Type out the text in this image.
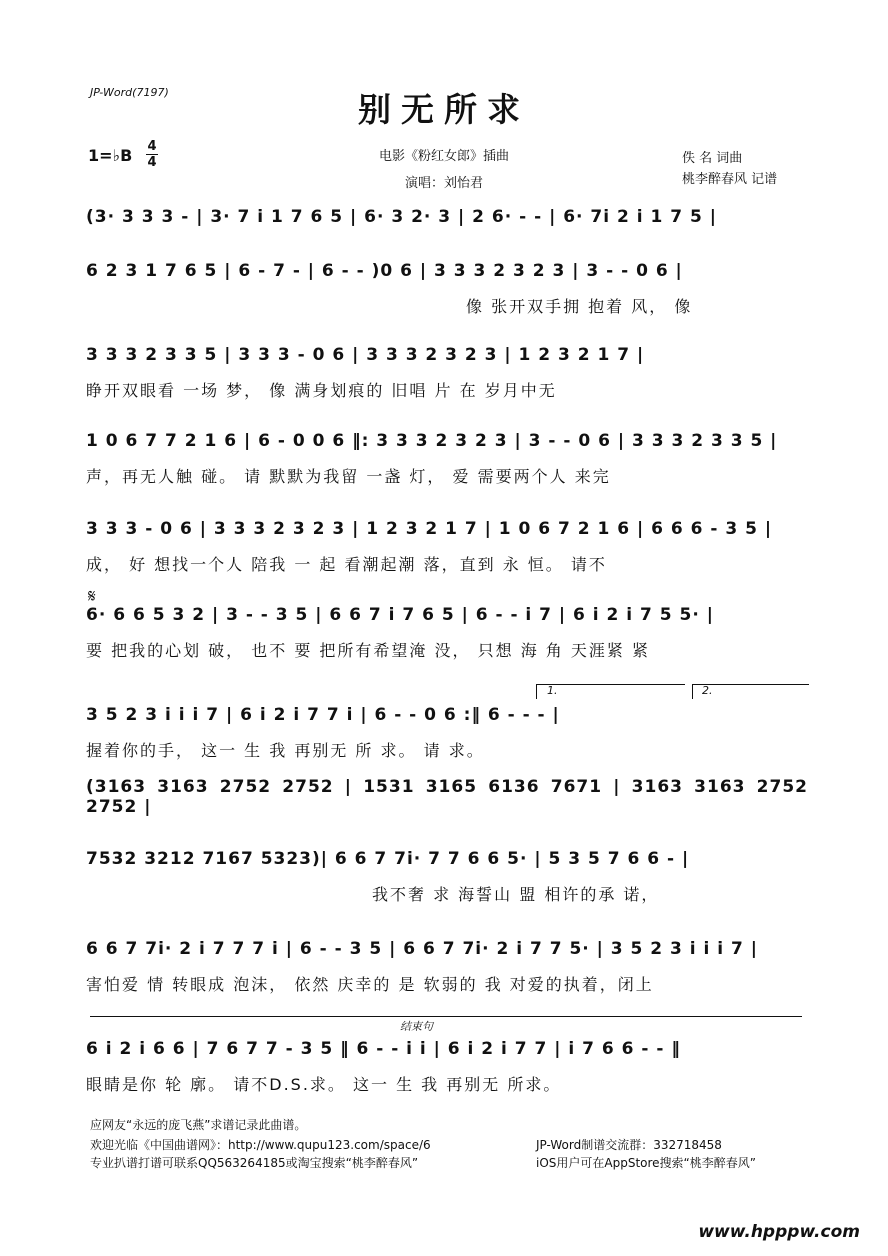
JP-Word(7197)	别无所求
1=♭B 4
4	电影《粉红女郎》插曲
演唱：刘怡君
佚 名 词曲
桃李醉春风 记谱
(3· 3 3 3 - | 3· 7 i 1 7 6 5 | 6· 3 2· 3 | 2 6· - - | 6· 7i 2 i 1 7 5 |
6 2 3 1 7 6 5 | 6 - 7 - | 6 - - )0 6 | 3 3 3 2 3 2 3 | 3 - - 0 6 |
像 张开双手拥 抱着 风， 像
3 3 3 2 3 3 5 | 3 3 3 - 0 6 | 3 3 3 2 3 2 3 | 1 2 3 2 1 7 |
睁开双眼看 一场 梦， 像 满身划痕的 旧唱 片 在 岁月中无
1 0 6 7 7 2 1 6 | 6 - 0 0 6 ‖: 3 3 3 2 3 2 3 | 3 - - 0 6 | 3 3 3 2 3 3 5 |
声，再无人触 碰。 请 默默为我留 一盏 灯， 爱 需要两个人 来完
3 3 3 - 0 6 | 3 3 3 2 3 2 3 | 1 2 3 2 1 7 | 1 0 6 7 2 1 6 | 6 6 6 - 3 5 |
成， 好 想找一个人 陪我 一 起 看潮起潮 落，直到 永 恒。 请不
𝄋
6· 6 6 5 3 2 | 3 - - 3 5 | 6 6 7 i 7 6 5 | 6 - - i 7 | 6 i 2 i 7 5 5· |
要 把我的心划 破， 也不 要 把所有希望淹 没， 只想 海 角 天涯紧 紧
1.	2.
3 5 2 3 i i i 7 | 6 i 2 i 7 7 i | 6 - - 0 6 :‖ 6 - - - |
握着你的手， 这一 生 我 再别无 所 求。 请 求。
(3163 3163 2752 2752 | 1531 3165 6136 7671 | 3163 3163 2752 2752 |
7532 3212 7167 5323)| 6 6 7 7i· 7 7 6 6 5· | 5 3 5 7 6 6 - |
我不奢 求 海誓山 盟 相许的承 诺，
6 6 7 7i· 2 i 7 7 7 i | 6 - - 3 5 | 6 6 7 7i· 2 i 7 7 5· | 3 5 2 3 i i i 7 |
害怕爱 情 转眼成 泡沫， 依然 庆幸的 是 软弱的 我 对爱的执着，闭上
结束句
6 i 2 i 6 6 | 7 6 7 7 - 3 5 ‖ 6 - - i i | 6 i 2 i 7 7 | i 7 6 6 - - ‖
眼睛是你 轮 廓。 请不D.S.求。 这一 生 我 再别无 所求。
应网友“永远的庞飞燕”求谱记录此曲谱。
欢迎光临《中国曲谱网》：http://www.qupu123.com/space/6
专业扒谱打谱可联系QQ563264185或淘宝搜索“桃李醉春风”
JP-Word制谱交流群：332718458
iOS用户可在AppStore搜索“桃李醉春风”
www.hpppw.com
